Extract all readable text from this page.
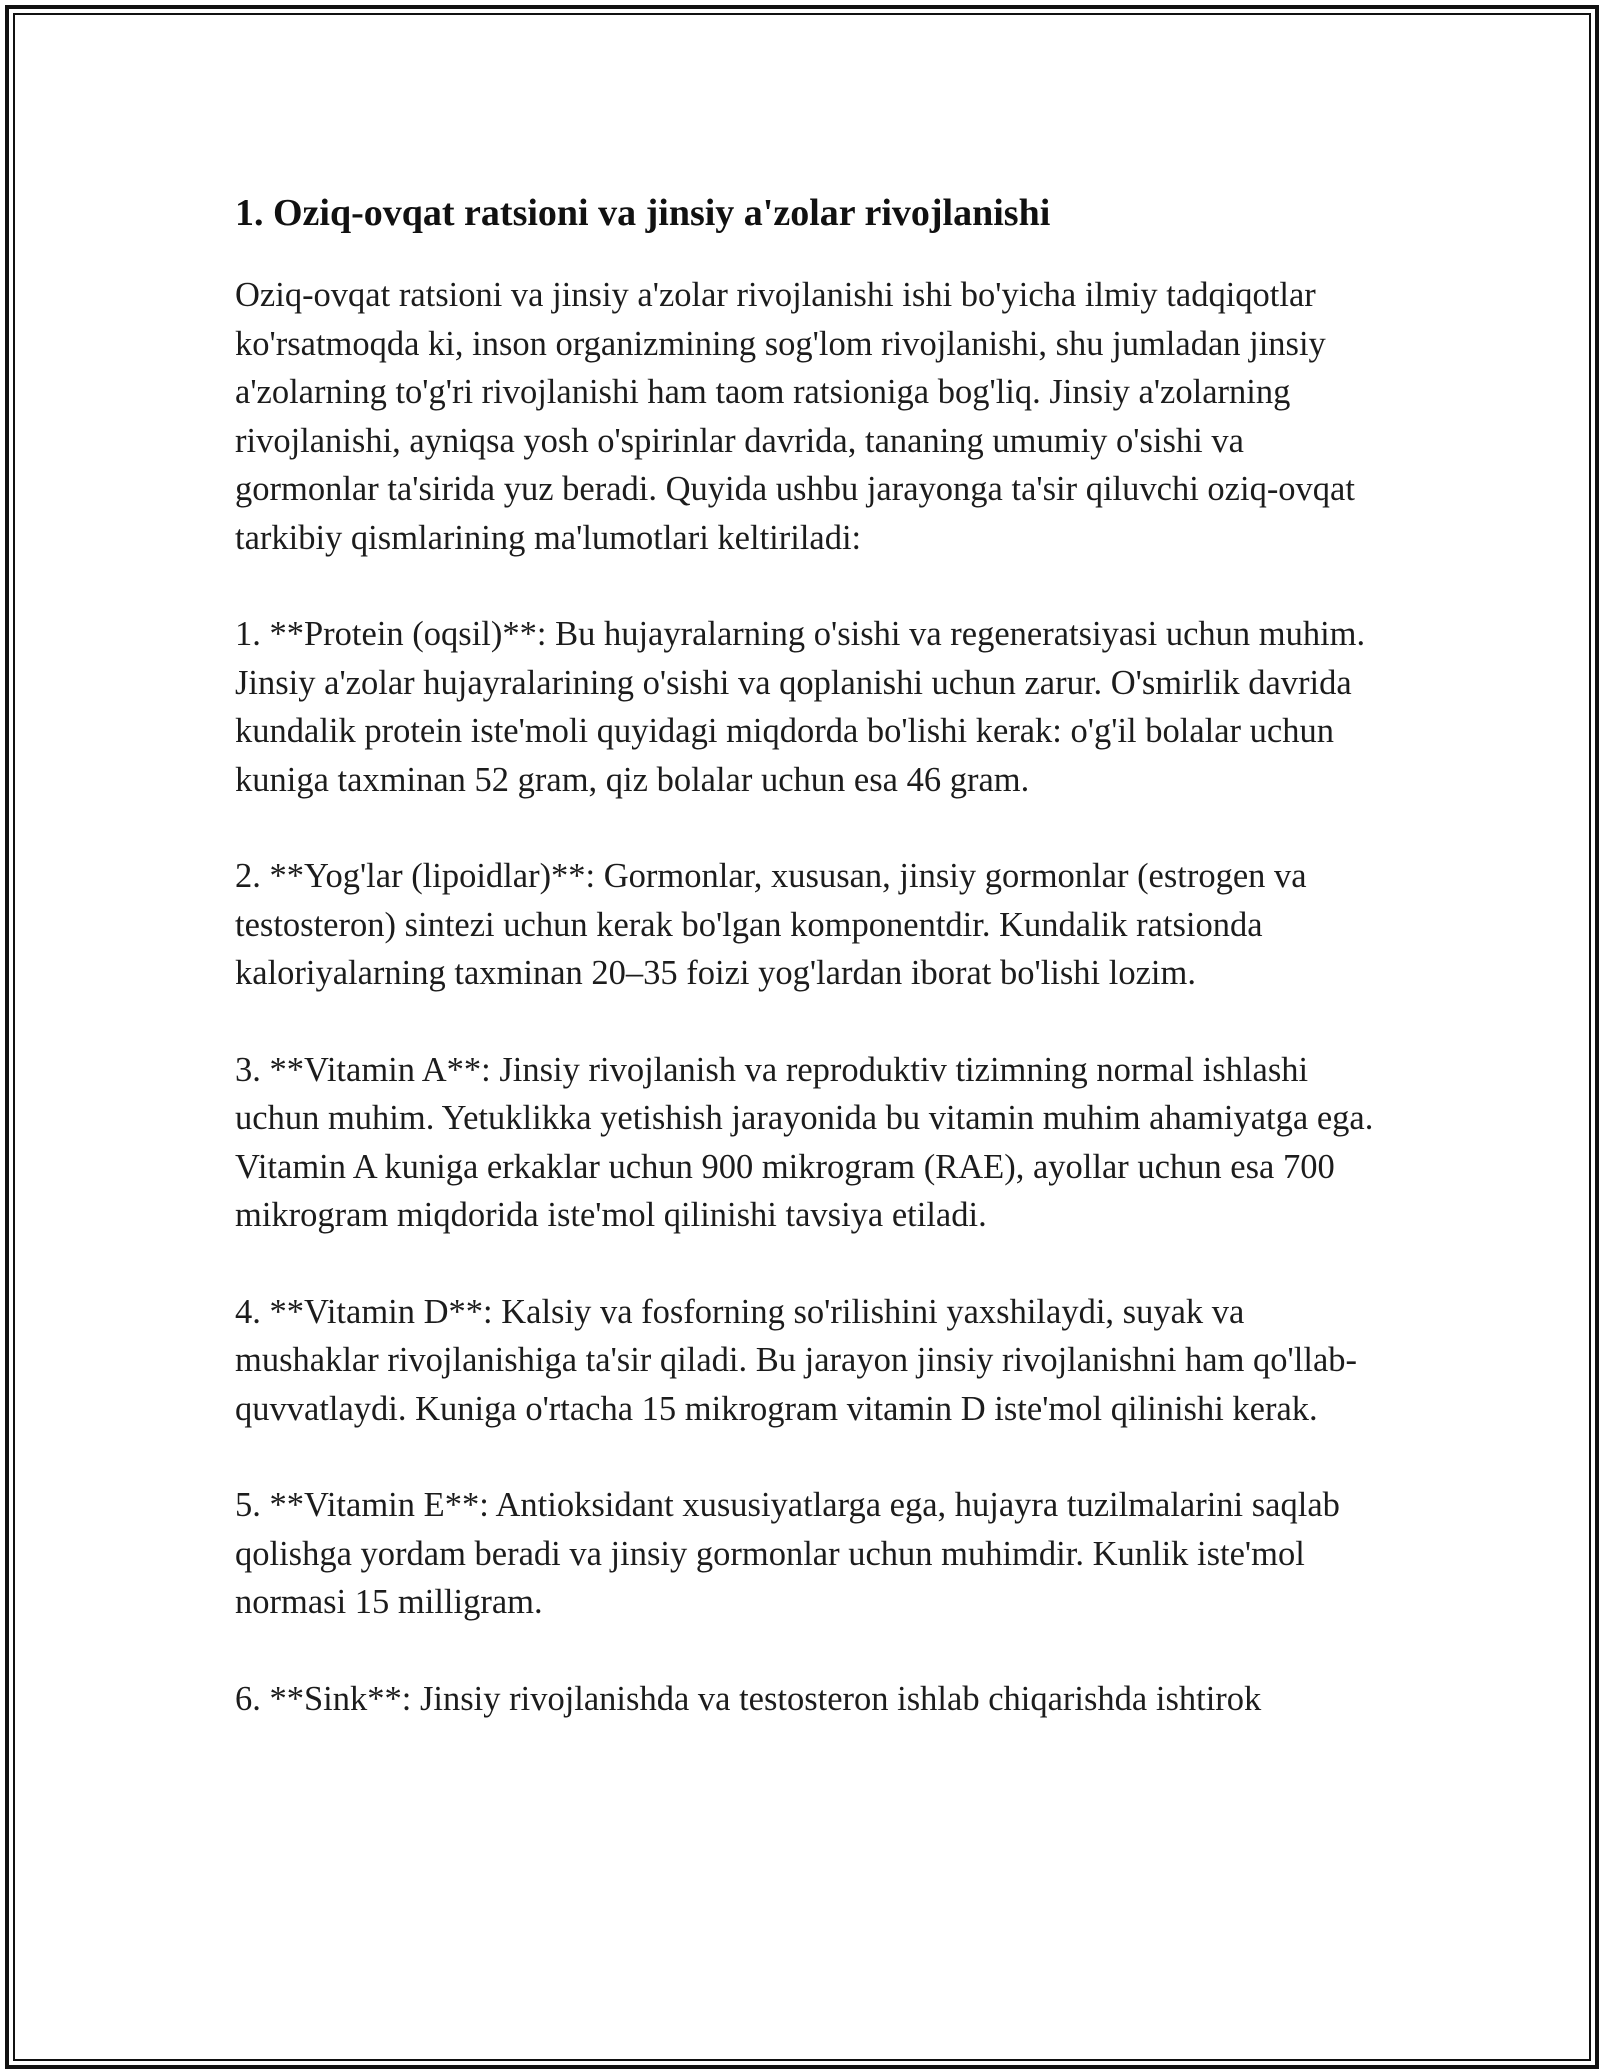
1. Oziq-ovqat ratsioni va jinsiy a'zolar rivojlanishi

Oziq-ovqat ratsioni va jinsiy a'zolar rivojlanishi ishi bo'yicha ilmiy tadqiqotlar ko'rsatmoqda ki, inson organizmining sog'lom rivojlanishi, shu jumladan jinsiy a'zolarning to'g'ri rivojlanishi ham taom ratsioniga bog'liq. Jinsiy a'zolarning rivojlanishi, ayniqsa yosh o'spirinlar davrida, tananing umumiy o'sishi va gormonlar ta'sirida yuz beradi. Quyida ushbu jarayonga ta'sir qiluvchi oziq-ovqat tarkibiy qismlarining ma'lumotlari keltiriladi:

1. **Protein (oqsil)**: Bu hujayralarning o'sishi va regeneratsiyasi uchun muhim. Jinsiy a'zolar hujayralarining o'sishi va qoplanishi uchun zarur. O'smirlik davrida kundalik protein iste'moli quyidagi miqdorda bo'lishi kerak: o'g'il bolalar uchun kuniga taxminan 52 gram, qiz bolalar uchun esa 46 gram.

2. **Yog'lar (lipoidlar)**: Gormonlar, xususan, jinsiy gormonlar (estrogen va testosteron) sintezi uchun kerak bo'lgan komponentdir. Kundalik ratsionda kaloriyalarning taxminan 20–35 foizi yog'lardan iborat bo'lishi lozim.

3. **Vitamin A**: Jinsiy rivojlanish va reproduktiv tizimning normal ishlashi uchun muhim. Yetuklikka yetishish jarayonida bu vitamin muhim ahamiyatga ega. Vitamin A kuniga erkaklar uchun 900 mikrogram (RAE), ayollar uchun esa 700 mikrogram miqdorida iste'mol qilinishi tavsiya etiladi.

4. **Vitamin D**: Kalsiy va fosforning so'rilishini yaxshilaydi, suyak va mushaklar rivojlanishiga ta'sir qiladi. Bu jarayon jinsiy rivojlanishni ham qo'llab-quvvatlaydi. Kuniga o'rtacha 15 mikrogram vitamin D iste'mol qilinishi kerak.

5. **Vitamin E**: Antioksidant xususiyatlarga ega, hujayra tuzilmalarini saqlab qolishga yordam beradi va jinsiy gormonlar uchun muhimdir. Kunlik iste'mol normasi 15 milligram.

6. **Sink**: Jinsiy rivojlanishda va testosteron ishlab chiqarishda ishtirok
